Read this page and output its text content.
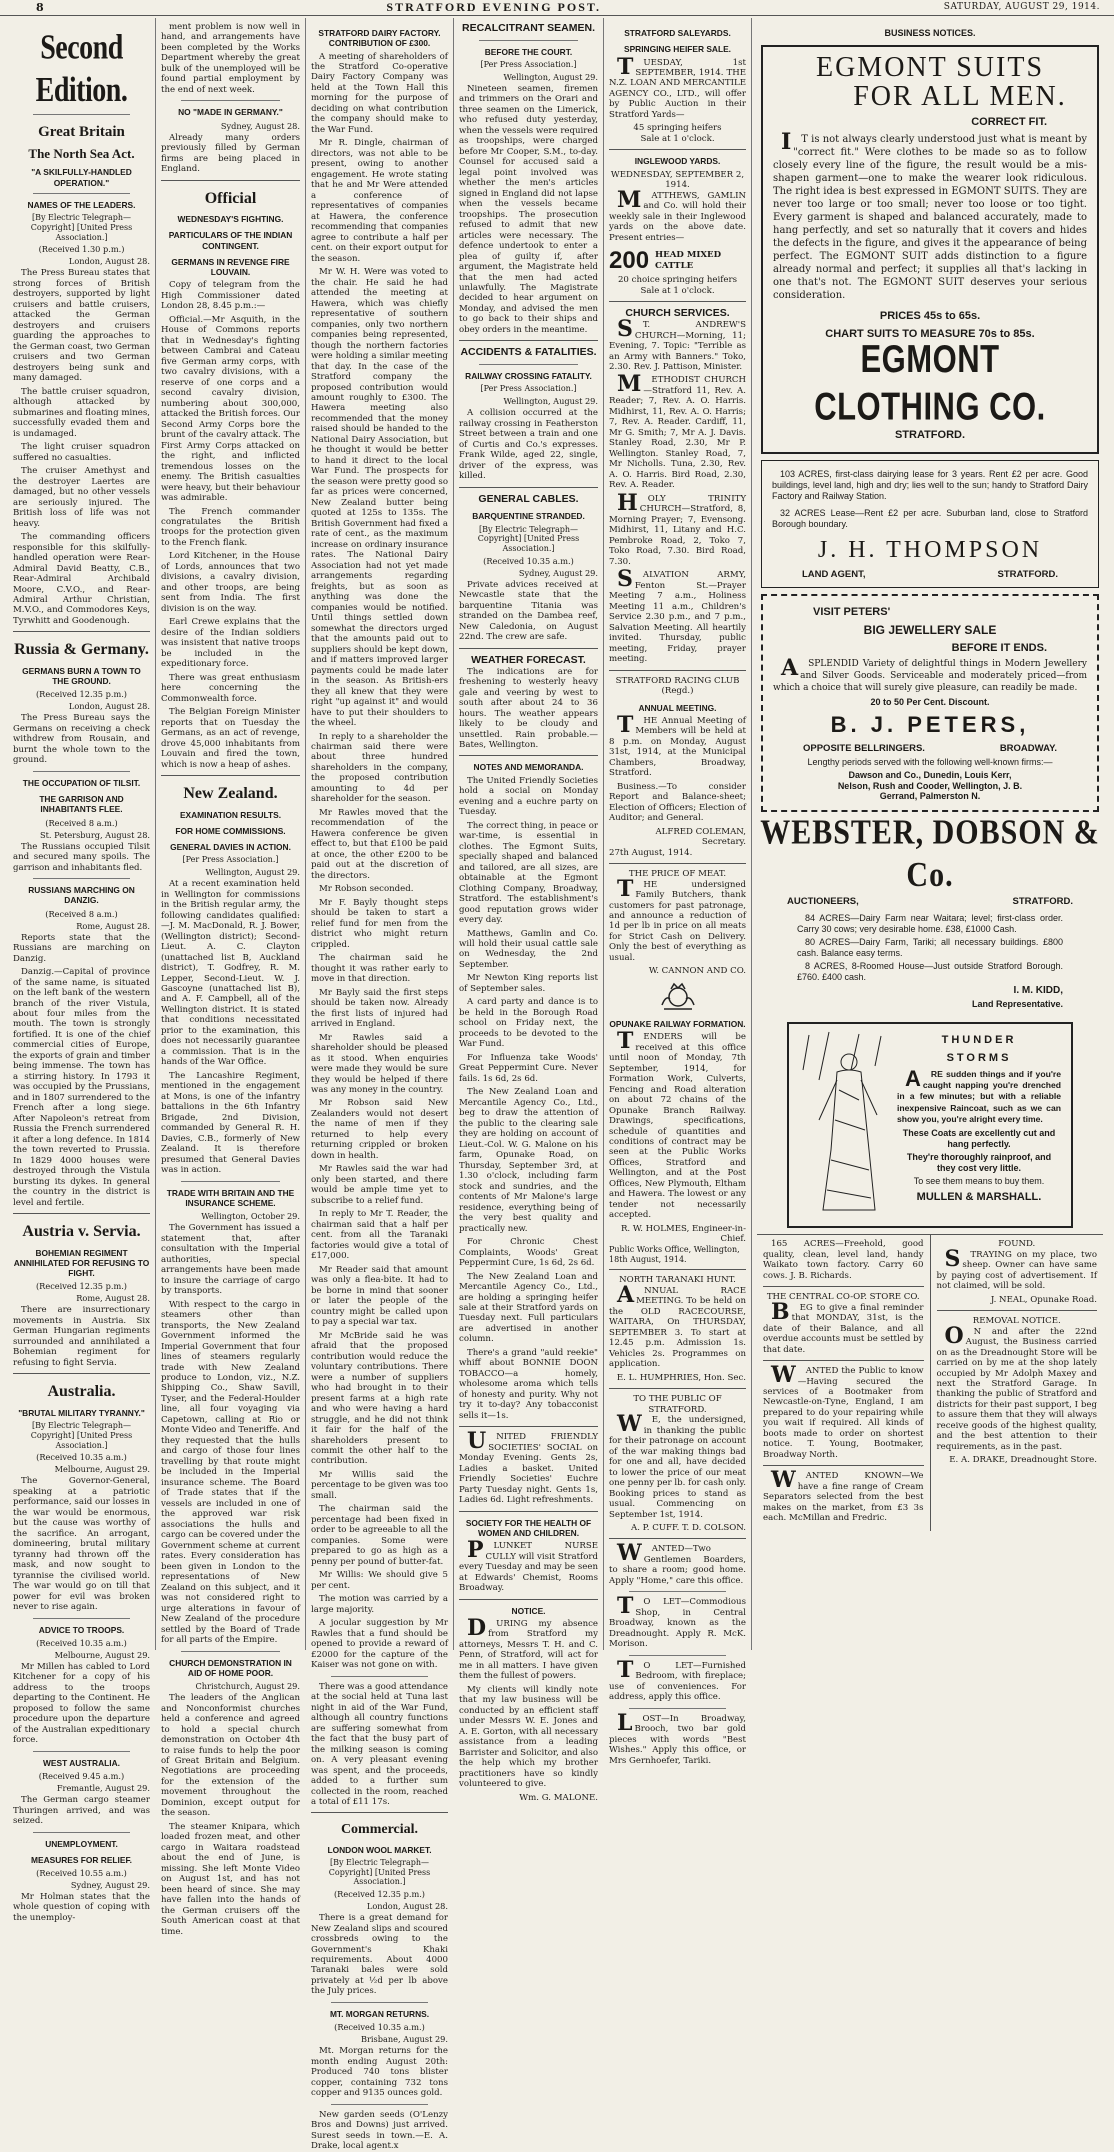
8	STRATFORD EVENING POST.	SATURDAY, AUGUST 29, 1914.
Second Edition.
Great Britain
The North Sea Act.
"A SKILFULLY-HANDLED OPERATION."
NAMES OF THE LEADERS.
[By Electric Telegraph—Copyright] [United Press Association.]
(Received 1.30 p.m.)
London, August 28.

The Press Bureau states that strong forces of British destroyers, supported by light cruisers and battle cruisers, attacked the German destroyers and cruisers guarding the approaches to the German coast, two German cruisers and two German destroyers being sunk and many damaged.

The battle cruiser squadron, although attacked by submarines and floating mines, successfully evaded them and is undamaged.

The light cruiser squadron suffered no casualties.

The cruiser Amethyst and the destroyer Laertes are damaged, but no other vessels are seriously injured. The British loss of life was not heavy.

The commanding officers responsible for this skilfully-handled operation were Rear-Admiral David Beatty, C.B., Rear-Admiral Archibald Moore, C.V.O., and Rear-Admiral Arthur Christian, M.V.O., and Commodores Keys, Tyrwhitt and Goodenough.

Russia & Germany.
GERMANS BURN A TOWN TO THE GROUND.
(Received 12.35 p.m.)
London, August 28.

The Press Bureau says the Germans on receiving a check withdrew from Rousain, and burnt the whole town to the ground.

THE OCCUPATION OF TILSIT.
THE GARRISON AND INHABITANTS FLEE.
(Received 8 a.m.)
St. Petersburg, August 28.

The Russians occupied Tilsit and secured many spoils. The garrison and inhabitants fled.

RUSSIANS MARCHING ON DANZIG.
(Received 8 a.m.)
Rome, August 28.

Reports state that the Russians are marching on Danzig.

Danzig.—Capital of province of the same name, is situated on the left bank of the western branch of the river Vistula, about four miles from the mouth. The town is strongly fortified. It is one of the chief commercial cities of Europe, the exports of grain and timber being immense. The town has a stirring history. In 1793 it was occupied by the Prussians, and in 1807 surrendered to the French after a long siege. After Napoleon's retreat from Russia the French surrendered it after a long defence. In 1814 the town reverted to Prussia. In 1829 4000 houses were destroyed through the Vistula bursting its dykes. In general the country in the district is level and fertile.

Austria v. Servia.
BOHEMIAN REGIMENT ANNIHILATED FOR REFUSING TO FIGHT.
(Received 12.35 p.m.)
Rome, August 28.

There are insurrectionary movements in Austria. Six German Hungarian regiments surrounded and annihilated a Bohemian regiment for refusing to fight Servia.

Australia.
"BRUTAL MILITARY TYRANNY."
[By Electric Telegraph—Copyright] [United Press Association.]
(Received 10.35 a.m.)
Melbourne, August 29.

The Governor-General, speaking at a patriotic performance, said our losses in the war would be enormous, but the cause was worthy of the sacrifice. An arrogant, domineering, brutal military tyranny had thrown off the mask, and now sought to tyrannise the civilised world. The war would go on till that power for evil was broken never to rise again.

ADVICE TO TROOPS.
(Received 10.35 a.m.)
Melbourne, August 29.

Mr Millen has cabled to Lord Kitchener for a copy of his address to the troops departing to the Continent. He proposed to follow the same procedure upon the departure of the Australian expeditionary force.

WEST AUSTRALIA.
(Received 9.45 a.m.)
Fremantle, August 29.

The German cargo steamer Thuringen arrived, and was seized.

UNEMPLOYMENT.
MEASURES FOR RELIEF.
(Received 10.55 a.m.)
Sydney, August 29.

Mr Holman states that the whole question of coping with the unemploy-

ment problem is now well in hand, and arrangements have been completed by the Works Department whereby the great bulk of the unemployed will be found partial employment by the end of next week.

NO "MADE IN GERMANY."
Sydney, August 28.

Already many orders previously filled by German firms are being placed in England.

Official
WEDNESDAY'S FIGHTING.
PARTICULARS OF THE INDIAN CONTINGENT.
GERMANS IN REVENGE FIRE LOUVAIN.

Copy of telegram from the High Commissioner dated London 28, 8.45 p.m.:—

Official.—Mr Asquith, in the House of Commons reports that in Wednesday's fighting between Cambrai and Cateau five German army corps, with two cavalry divisions, with a reserve of one corps and a second cavalry division, numbering about 300,000, attacked the British forces. Our Second Army Corps bore the brunt of the cavalry attack. The First Army Corps attacked on the right, and inflicted tremendous losses on the enemy. The British casualties were heavy, but their behaviour was admirable.

The French commander congratulates the British troops for the protection given to the French flank.

Lord Kitchener, in the House of Lords, announces that two divisions, a cavalry division, and other troops, are being sent from India. The first division is on the way.

Earl Crewe explains that the desire of the Indian soldiers was insistent that native troops be included in the expeditionary force.

There was great enthusiasm here concerning the Commonwealth force.

The Belgian Foreign Minister reports that on Tuesday the Germans, as an act of revenge, drove 45,000 inhabitants from Louvain and fired the town, which is now a heap of ashes.

New Zealand.
EXAMINATION RESULTS.
FOR HOME COMMISSIONS.
GENERAL DAVIES IN ACTION.
[Per Press Association.]
Wellington, August 29.

At a recent examination held in Wellington for commissions in the British regular army, the following candidates qualified:—J. M. MacDonald, R. J. Bower, (Wellington district); Second-Lieut. A. C. Clayton (unattached list B, Auckland district), T. Godfrey, R. M. Lepper, Second-Lieut. W. J. Gascoyne (unattached list B), and A. F. Campbell, all of the Wellington district. It is stated that conditions necessitated prior to the examination, this does not necessarily guarantee a commission. That is in the hands of the War Office.

The Lancashire Regiment, mentioned in the engagement at Mons, is one of the infantry battalions in the 6th Infantry Brigade, 2nd Division, commanded by General R. H. Davies, C.B., formerly of New Zealand. It is therefore presumed that General Davies was in action.

TRADE WITH BRITAIN AND THE INSURANCE SCHEME.
Wellington, October 29.

The Government has issued a statement that, after consultation with the Imperial authorities, special arrangements have been made to insure the carriage of cargo by transports.

With respect to the cargo in steamers other than transports, the New Zealand Government informed the Imperial Government that four lines of steamers regularly trade with New Zealand produce to London, viz., N.Z. Shipping Co., Shaw Savill, Tyser, and the Federal-Houlder line, all four voyaging via Capetown, calling at Rio or Monte Video and Teneriffe. And they requested that the hulls and cargo of those four lines travelling by that route might be included in the Imperial insurance scheme. The Board of Trade states that if the vessels are included in one of the approved war risk associations the hulls and cargo can be covered under the Government scheme at current rates. Every consideration has been given in London to the representations of New Zealand on this subject, and it was not considered right to urge alterations in favour of New Zealand of the procedure settled by the Board of Trade for all parts of the Empire.

CHURCH DEMONSTRATION IN AID OF HOME POOR.
Christchurch, August 29.

The leaders of the Anglican and Nonconformist churches held a conference and agreed to hold a special church demonstration on October 4th to raise funds to help the poor of Great Britain and Belgium. Negotiations are proceeding for the extension of the movement throughout the Dominion, except output for the season.

The steamer Knipara, which loaded frozen meat, and other cargo in Waitara roadstead about the end of June, is missing. She left Monte Video on August 1st, and has not been heard of since. She may have fallen into the hands of the German cruisers off the South American coast at that time.

STRATFORD DAIRY FACTORY. CONTRIBUTION OF £300.

A meeting of shareholders of the Stratford Co-operative Dairy Factory Company was held at the Town Hall this morning for the purpose of deciding on what contribution the company should make to the War Fund.

Mr R. Dingle, chairman of directors, was not able to be present, owing to another engagement. He wrote stating that he and Mr Were attended a conference of representatives of companies at Hawera, the conference recommending that companies agree to contribute a half per cent. on their export output for the season.

Mr W. H. Were was voted to the chair. He said he had attended the meeting at Hawera, which was chiefly representative of southern companies, only two northern companies being represented, though the northern factories were holding a similar meeting that day. In the case of the Stratford company the proposed contribution would amount roughly to £300. The Hawera meeting also recommended that the money raised should be handed to the National Dairy Association, but he thought it would be better to hand it direct to the local War Fund. The prospects for the season were pretty good so far as prices were concerned, New Zealand butter being quoted at 125s to 135s. The British Government had fixed a rate of cent., as the maximum increase on ordinary insurance rates. The National Dairy Association had not yet made arrangements regarding freights, but as soon as anything was done the companies would be notified. Until things settled down somewhat the directors urged that the amounts paid out to suppliers should be kept down, and if matters improved larger payments could be made later in the season. As British-ers they all knew that they were right "up against it" and would have to put their shoulders to the wheel.

In reply to a shareholder the chairman said there were about three hundred shareholders in the company, the proposed contribution amounting to 4d per shareholder for the season.

Mr Rawles moved that the recommendation of the Hawera conference be given effect to, but that £100 be paid at once, the other £200 to be paid out at the discretion of the directors.

Mr Robson seconded.

Mr F. Bayly thought steps should be taken to start a relief fund for men from the district who might return crippled.

The chairman said he thought it was rather early to move in that direction.

Mr Bayly said the first steps should be taken now. Already the first lists of injured had arrived in England.

Mr Rawles said a shareholder should be pleased as it stood. When enquiries were made they would be sure they would be helped if there was any money in the country.

Mr Robson said New Zealanders would not desert the name of men if they returned to help every returning crippled or broken down in health.

Mr Rawles said the war had only been started, and there would be ample time yet to subscribe to a relief fund.

In reply to Mr T. Reader, the chairman said that a half per cent. from all the Taranaki factories would give a total of £17,000.

Mr Reader said that amount was only a flea-bite. It had to be borne in mind that sooner or later the people of the country might be called upon to pay a special war tax.

Mr McBride said he was afraid that the proposed contribution would reduce the voluntary contributions. There were a number of suppliers who had brought in to their present farms at a high rate and who were having a hard struggle, and he did not think it fair for the half of the shareholders present to commit the other half to the contribution.

Mr Willis said the percentage to be given was too small.

The chairman said the percentage had been fixed in order to be agreeable to all the companies. Some were prepared to go as high as a penny per pound of butter-fat.

Mr Willis: We should give 5 per cent.

The motion was carried by a large majority.

A jocular suggestion by Mr Rawles that a fund should be opened to provide a reward of £2000 for the capture of the Kaiser was not gone on with.

There was a good attendance at the social held at Tuna last night in aid of the War Fund, although all country functions are suffering somewhat from the fact that the busy part of the milking season is coming on. A very pleasant evening was spent, and the proceeds, added to a further sum collected in the room, reached a total of £11 17s.

Commercial.
LONDON WOOL MARKET.
[By Electric Telegraph—Copyright] [United Press Association.]
(Received 12.35 p.m.)
London, August 28.

There is a great demand for New Zealand slips and scoured crossbreds owing to the Government's Khaki requirements. About 4000 Taranaki bales were sold privately at ½d per lb above the July prices.

MT. MORGAN RETURNS.
(Received 10.35 a.m.)
Brisbane, August 29.

Mt. Morgan returns for the month ending August 20th: Produced 740 tons blister copper, containing 732 tons copper and 9135 ounces gold.

New garden seeds (O'Lenzy Bros and Downs) just arrived. Surest seeds in town.—E. A. Drake, local agent.x

RECALCITRANT SEAMEN.
BEFORE THE COURT.
[Per Press Association.]
Wellington, August 29.

Nineteen seamen, firemen and trimmers on the Orari and three seamen on the Limerick, who refused duty yesterday, when the vessels were required as troopships, were charged before Mr Cooper, S.M., to-day. Counsel for accused said a legal point involved was whether the men's articles signed in England did not lapse when the vessels became troopships. The prosecution refused to admit that new articles were necessary. The defence undertook to enter a plea of guilty if, after argument, the Magistrate held that the men had acted unlawfully. The Magistrate decided to hear argument on Monday, and advised the men to go back to their ships and obey orders in the meantime.

ACCIDENTS & FATALITIES.
RAILWAY CROSSING FATALITY.
[Per Press Association.]
Wellington, August 29.

A collision occurred at the railway crossing in Featherston Street between a train and one of Curtis and Co.'s expresses. Frank Wilde, aged 22, single, driver of the express, was killed.

GENERAL CABLES.
BARQUENTINE STRANDED.
[By Electric Telegraph—Copyright] [United Press Association.]
(Received 10.35 a.m.)
Sydney, August 29.

Private advices received at Newcastle state that the barquentine Titania was stranded on the Dambea reef, New Caledonia, on August 22nd. The crew are safe.

WEATHER FORECAST.

The indications are for freshening to westerly heavy gale and veering by west to south after about 24 to 36 hours. The weather appears likely to be cloudy and unsettled. Rain probable.—Bates, Wellington.

NOTES AND MEMORANDA.

The United Friendly Societies hold a social on Monday evening and a euchre party on Tuesday.

The correct thing, in peace or war-time, is essential in clothes. The Egmont Suits, specially shaped and balanced and tailored, are all sizes, are obtainable at the Egmont Clothing Company, Broadway, Stratford. The establishment's good reputation grows wider every day.

Matthews, Gamlin and Co. will hold their usual cattle sale on Wednesday, the 2nd September.

Mr Newton King reports list of September sales.

A card party and dance is to be held in the Borough Road school on Friday next, the proceeds to be devoted to the War Fund.

For Influenza take Woods' Great Peppermint Cure. Never fails. 1s 6d, 2s 6d.

The New Zealand Loan and Mercantile Agency Co., Ltd., beg to draw the attention of the public to the clearing sale they are holding on account of Lieut.-Col. W. G. Malone on his farm, Opunake Road, on Thursday, September 3rd, at 1.30 o'clock, including farm stock and sundries, and the contents of Mr Malone's large residence, everything being of the very best quality and practically new.

For Chronic Chest Complaints, Woods' Great Peppermint Cure, 1s 6d, 2s 6d.

The New Zealand Loan and Mercantile Agency Co., Ltd., are holding a springing heifer sale at their Stratford yards on Tuesday next. Full particulars are advertised in another column.

There's a grand "auld reekie" whiff about BONNIE DOON TOBACCO—a homely, wholesome aroma which tells of honesty and purity. Why not try it to-day? Any tobacconist sells it—1s.

UNITED FRIENDLY SOCIETIES' SOCIAL on Monday Evening. Gents 2s, Ladies a basket. United Friendly Societies' Euchre Party Tuesday night. Gents 1s, Ladies 6d. Light refreshments.

SOCIETY FOR THE HEALTH OF WOMEN AND CHILDREN.

PLUNKET NURSE CULLY will visit Stratford every Tuesday and may be seen at Edwards' Chemist, Rooms Broadway.

NOTICE.

DURING my absence from Stratford my attorneys, Messrs T. H. and C. Penn, of Stratford, will act for me in all matters. I have given them the fullest of powers.

My clients will kindly note that my law business will be conducted by an efficient staff under Messrs W. E. Jones and A. E. Gorton, with all necessary assistance from a leading Barrister and Solicitor, and also the help which my brother practitioners have so kindly volunteered to give.

Wm. G. MALONE.
STRATFORD SALEYARDS.
SPRINGING HEIFER SALE.

TUESDAY, 1st SEPTEMBER, 1914. THE N.Z. LOAN AND MERCANTILE AGENCY CO., LTD., will offer by Public Auction in their Stratford Yards—

45 springing heifers
Sale at 1 o'clock.
INGLEWOOD YARDS.
WEDNESDAY, SEPTEMBER 2, 1914.

MATTHEWS, GAMLIN and Co. will hold their weekly sale in their Inglewood yards on the above date. Present entries—

200 HEAD MIXED CATTLE
20 choice springing heifers
Sale at 1 o'clock.
CHURCH SERVICES.

ST. ANDREW'S CHURCH—Morning, 11; Evening, 7. Topic: "Terrible as an Army with Banners." Toko, 2.30. Rev. J. Pattison, Minister.

METHODIST CHURCH—Stratford 11, Rev. A. Reader; 7, Rev. A. O. Harris. Midhirst, 11, Rev. A. O. Harris; 7, Rev. A. Reader. Cardiff, 11, Mr G. Smith; 7, Mr A. J. Davis. Stanley Road, 2.30, Mr P. Wellington. Stanley Road, 7, Mr Nicholls. Tuna, 2.30, Rev. A. O. Harris. Bird Road, 2.30, Rev. A. Reader.

HOLY TRINITY CHURCH—Stratford, 8, Morning Prayer; 7, Evensong. Midhirst, 11, Litany and H.C. Pembroke Road, 2, Toko 7, Toko Road, 7.30. Bird Road, 7.30.

SALVATION ARMY, Fenton St.—Prayer Meeting 7 a.m., Holiness Meeting 11 a.m., Children's Service 2.30 p.m., and 7 p.m., Salvation Meeting. All heartily invited. Thursday, public meeting, Friday, prayer meeting.

STRATFORD RACING CLUB (Regd.)
ANNUAL MEETING.

THE Annual Meeting of Members will be held at 8 p.m. on Monday, August 31st, 1914, at the Municipal Chambers, Broadway, Stratford.

Business.—To consider Report and Balance-sheet; Election of Officers; Election of Auditor; and General.

ALFRED COLEMAN, Secretary.
27th August, 1914.
THE PRICE OF MEAT.

THE undersigned Family Butchers, thank customers for past patronage, and announce a reduction of 1d per lb in price on all meats for Strict Cash on Delivery. Only the best of everything as usual.

W. CANNON AND CO.
OPUNAKE RAILWAY FORMATION.

TENDERS will be received at this office until noon of Monday, 7th September, 1914, for Formation Work, Culverts, Fencing and Road alteration on about 72 chains of the Opunake Branch Railway. Drawings, specifications, schedule of quantities and conditions of contract may be seen at the Public Works Offices, Stratford and Wellington, and at the Post Offices, New Plymouth, Eltham and Hawera. The lowest or any tender not necessarily accepted.

R. W. HOLMES, Engineer-in-Chief.
Public Works Office, Wellington, 18th August, 1914.
NORTH TARANAKI HUNT.

ANNUAL RACE MEETING. To be held on the OLD RACECOURSE, WAITARA, On THURSDAY, SEPTEMBER 3. To start at 12.45 p.m. Admission 1s. Vehicles 2s. Programmes on application.

E. L. HUMPHRIES, Hon. Sec.
TO THE PUBLIC OF STRATFORD.

WE, the undersigned, in thanking the public for their patronage on account of the war making things bad for one and all, have decided to lower the price of our meat one penny per lb. for cash only. Booking prices to stand as usual. Commencing on September 1st, 1914.

A. P. CUFF. T. D. COLSON.

WANTED—Two Gentlemen Boarders, to share a room; good home. Apply "Home," care this office.

TO LET—Commodious Shop, in Central Broadway, known as the Dreadnought. Apply R. McK. Morison.

TO LET—Furnished Bedroom, with fireplace; use of conveniences. For address, apply this office.

LOST—In Broadway, Brooch, two bar gold pieces with words "Best Wishes." Apply this office, or Mrs Gernhoefer, Tariki.

BUSINESS NOTICES.
EGMONT SUITS
FOR ALL MEN.
CORRECT FIT.

IT is not always clearly understood just what is meant by "correct fit." Were clothes to be made so as to follow closely every line of the figure, the result would be a mis-shapen garment—one to make the wearer look ridiculous. The right idea is best expressed in EGMONT SUITS. They are never too large or too small; never too loose or too tight. Every garment is shaped and balanced accurately, made to hang perfectly, and set so naturally that it covers and hides the defects in the figure, and gives it the appearance of being perfect. The EGMONT SUIT adds distinction to a figure already normal and perfect; it supplies all that's lacking in one that's not. The EGMONT SUIT deserves your serious consideration.

PRICES 45s to 65s.
CHART SUITS TO MEASURE 70s to 85s.
EGMONT CLOTHING CO.
STRATFORD.

103 ACRES, first-class dairying lease for 3 years. Rent £2 per acre. Good buildings, level land, high and dry; lies well to the sun; handy to Stratford Dairy Factory and Railway Station.

32 ACRES Lease—Rent £2 per acre. Suburban land, close to Stratford Borough boundary.

J. H. THOMPSON
LAND AGENT,	STRATFORD.
VISIT PETERS'
BIG JEWELLERY SALE
BEFORE IT ENDS.

ASPLENDID Variety of delightful things in Modern Jewellery and Silver Goods. Serviceable and moderately priced—from which a choice that will surely give pleasure, can readily be made.

20 to 50 Per Cent. Discount.
B. J. PETERS,
OPPOSITE BELLRINGERS.	BROADWAY.
Lengthy periods served with the following well-known firms:—
Dawson and Co., Dunedin, Louis Kerr, Nelson, Rush and Cooder, Wellington, J. B. Gerrand, Palmerston N.
WEBSTER, DOBSON & Co.
AUCTIONEERS,	STRATFORD.

84 ACRES—Dairy Farm near Waitara; level; first-class order. Carry 30 cows; very desirable home. £38, £1000 Cash.

80 ACRES—Dairy Farm, Tariki; all necessary buildings. £800 cash. Balance easy terms.

8 ACRES, 8-Roomed House—Just outside Stratford Borough. £760. £400 cash.

I. M. KIDD,
Land Representative.
THUNDER
STORMS

ARE sudden things and if you're caught napping you're drenched in a few minutes; but with a reliable inexpensive Raincoat, such as we can show you, you're alright every time.

These Coats are excellently cut and hang perfectly.
They're thoroughly rainproof, and they cost very little.
To see them means to buy them.
MULLEN & MARSHALL.

165 ACRES—Freehold, good quality, clean, level land, handy Waikato town factory. Carry 60 cows. J. B. Richards.

THE CENTRAL CO-OP. STORE CO.

BEG to give a final reminder that MONDAY, 31st, is the date of their Balance, and all overdue accounts must be settled by that date.

WANTED the Public to know—Having secured the services of a Bootmaker from Newcastle-on-Tyne, England, I am prepared to do your repairing while you wait if required. All kinds of boots made to order on shortest notice. T. Young, Bootmaker, Broadway North.

WANTED KNOWN—We have a fine range of Cream Separators selected from the best makes on the market, from £3 3s each. McMillan and Fredric.

FOUND.

STRAYING on my place, two sheep. Owner can have same by paying cost of advertisement. If not claimed, will be sold.

J. NEAL, Opunake Road.
REMOVAL NOTICE.

ON and after the 22nd August, the Business carried on as the Dreadnought Store will be carried on by me at the shop lately occupied by Mr Adolph Maxey and next the Stratford Garage. In thanking the public of Stratford and districts for their past support, I beg to assure them that they will always receive goods of the highest quality, and the best attention to their requirements, as in the past.

E. A. DRAKE, Dreadnought Store.
